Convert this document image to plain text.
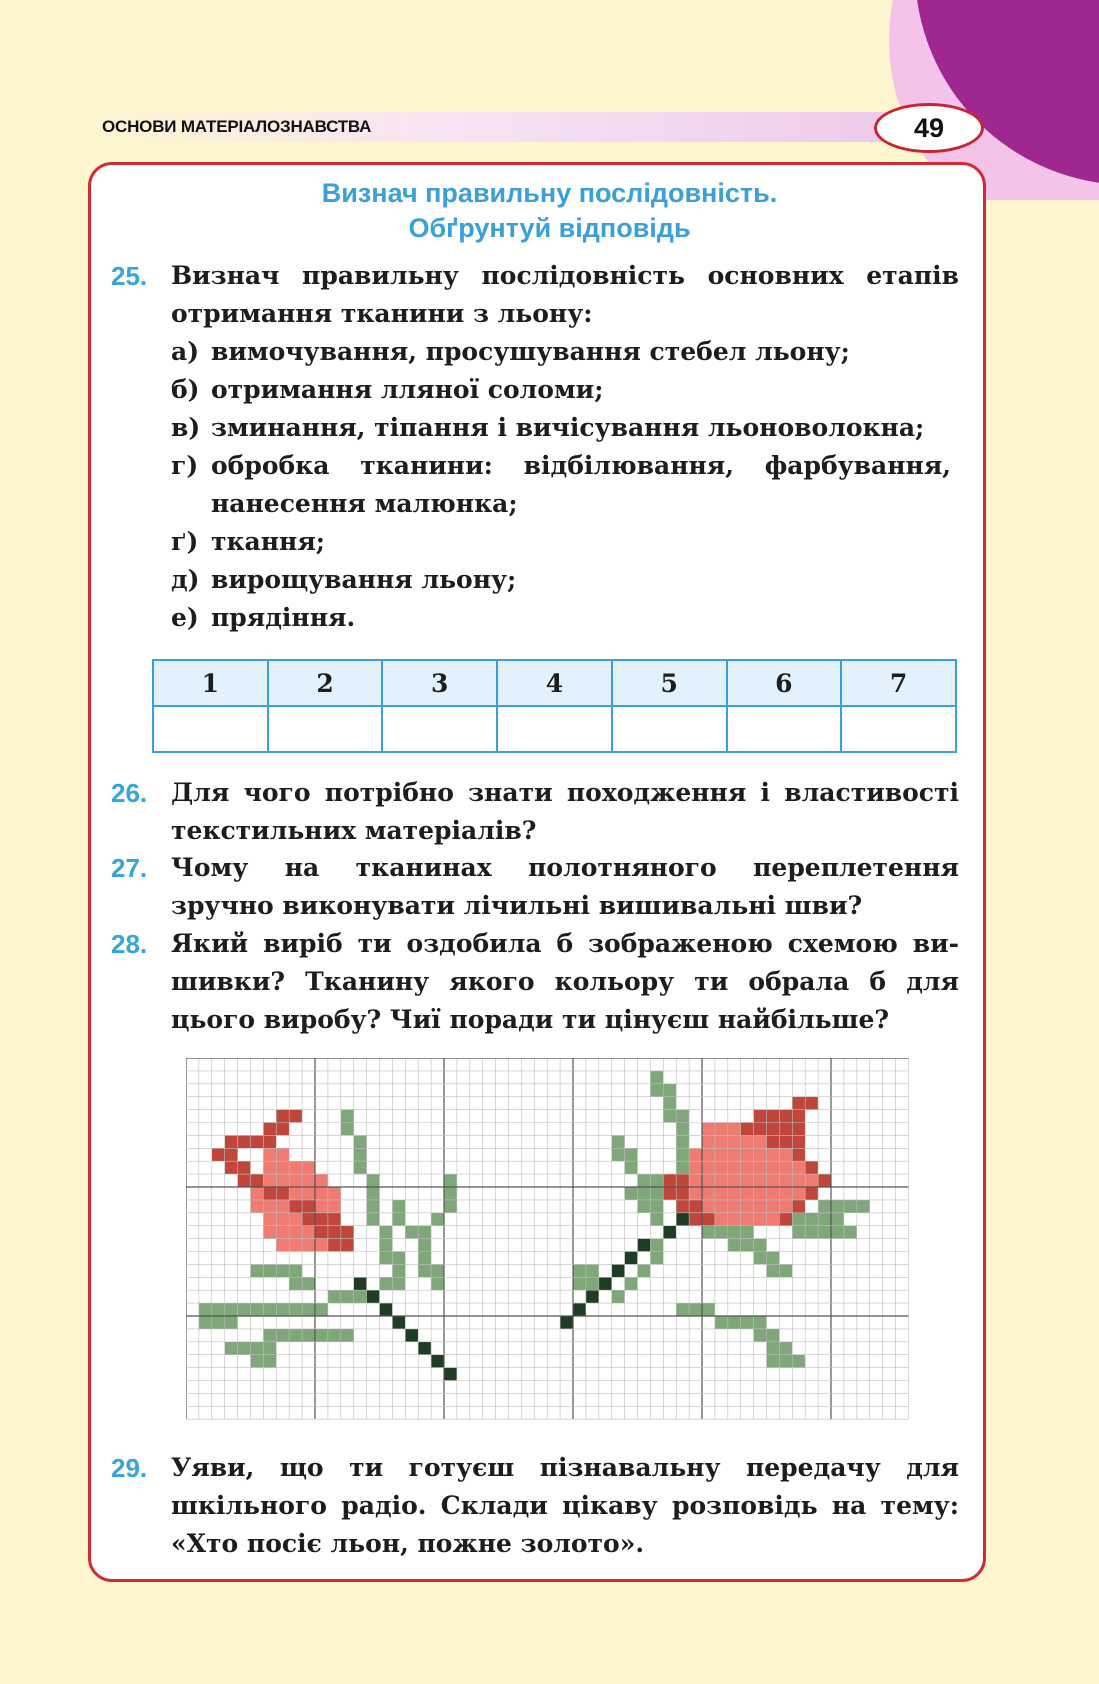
ОСНОВИ МАТЕРІАЛОЗНАВСТВА	49
Визнач правильну послідовність.
Обґрунтуй відповідь
25. Визнач правильну послідовність основних етапів
отримання тканини з льону:
а) вимочування, просушування стебел льону;
б) отримання лляної соломи;
в) зминання, тіпання і вичісування льоноволокна;
г) обробка тканини: відбілювання, фарбування,
нанесення малюнка;
ґ) ткання;
д) вирощування льону;
е) прядіння.
1	2	3	4	5	6	7

26. Для чого потрібно знати походження і властивості
текстильних матеріалів?
27. Чому на тканинах полотняного переплетення
зручно виконувати лічильні вишивальні шви?
28. Який виріб ти оздобила б зображеною схемою ви-
шивки? Тканину якого кольору ти обрала б для
цього виробу? Чиї поради ти цінуєш найбільше?
29. Уяви, що ти готуєш пізнавальну передачу для
шкільного радіо. Склади цікаву розповідь на тему:
«Хто посіє льон, пожне золото».
